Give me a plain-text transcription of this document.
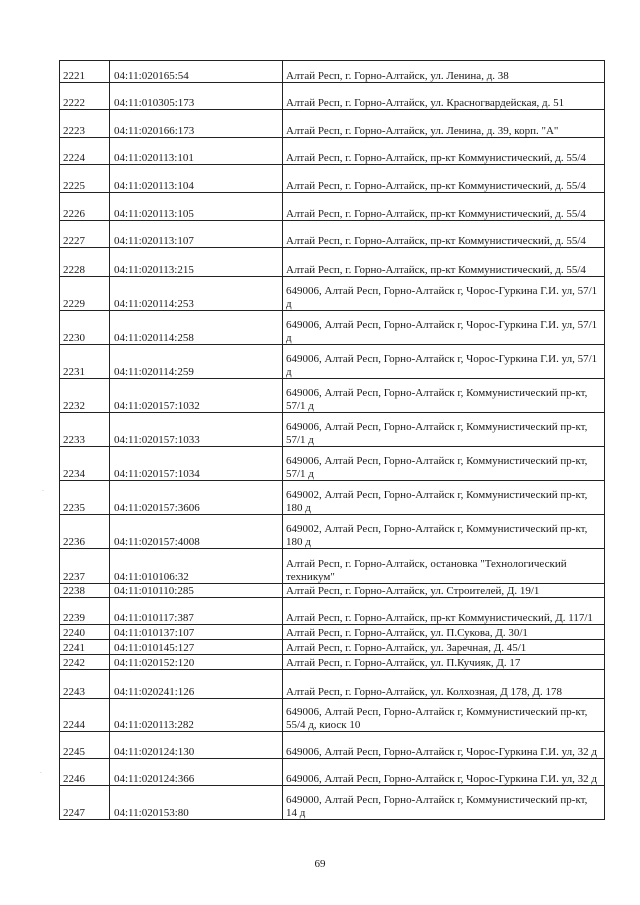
2221	04:11:020165:54	Алтай Респ, г. Горно-Алтайск, ул. Ленина, д. 38
2222	04:11:010305:173	Алтай Респ, г. Горно-Алтайск, ул. Красногвардейская, д. 51
2223	04:11:020166:173	Алтай Респ, г. Горно-Алтайск, ул. Ленина, д. 39, корп. "А"
2224	04:11:020113:101	Алтай Респ, г. Горно-Алтайск, пр-кт Коммунистический, д. 55/4
2225	04:11:020113:104	Алтай Респ, г. Горно-Алтайск, пр-кт Коммунистический, д. 55/4
2226	04:11:020113:105	Алтай Респ, г. Горно-Алтайск, пр-кт Коммунистический, д. 55/4
2227	04:11:020113:107	Алтай Респ, г. Горно-Алтайск, пр-кт Коммунистический, д. 55/4
2228	04:11:020113:215	Алтай Респ, г. Горно-Алтайск, пр-кт Коммунистический, д. 55/4
2229	04:11:020114:253	649006, Алтай Респ, Горно-Алтайск г, Чорос-Гуркина Г.И. ул, 57/1 д
2230	04:11:020114:258	649006, Алтай Респ, Горно-Алтайск г, Чорос-Гуркина Г.И. ул, 57/1 д
2231	04:11:020114:259	649006, Алтай Респ, Горно-Алтайск г, Чорос-Гуркина Г.И. ул, 57/1 д
2232	04:11:020157:1032	649006, Алтай Респ, Горно-Алтайск г, Коммунистический пр-кт, 57/1 д
2233	04:11:020157:1033	649006, Алтай Респ, Горно-Алтайск г, Коммунистический пр-кт, 57/1 д
2234	04:11:020157:1034	649006, Алтай Респ, Горно-Алтайск г, Коммунистический пр-кт, 57/1 д
2235	04:11:020157:3606	649002, Алтай Респ, Горно-Алтайск г, Коммунистический пр-кт, 180 д
2236	04:11:020157:4008	649002, Алтай Респ, Горно-Алтайск г, Коммунистический пр-кт, 180 д
2237	04:11:010106:32	Алтай Респ, г. Горно-Алтайск, остановка "Технологический техникум"
2238	04:11:010110:285	Алтай Респ, г. Горно-Алтайск, ул. Строителей, Д. 19/1
2239	04:11:010117:387	Алтай Респ, г. Горно-Алтайск, пр-кт Коммунистический, Д. 117/1
2240	04:11:010137:107	Алтай Респ, г. Горно-Алтайск, ул. П.Сукова, Д. 30/1
2241	04:11:010145:127	Алтай Респ, г. Горно-Алтайск, ул. Заречная, Д. 45/1
2242	04:11:020152:120	Алтай Респ, г. Горно-Алтайск, ул. П.Кучияк, Д. 17
2243	04:11:020241:126	Алтай Респ, г. Горно-Алтайск, ул. Колхозная, Д 178, Д. 178
2244	04:11:020113:282	649006, Алтай Респ, Горно-Алтайск г, Коммунистический пр-кт, 55/4 д, киоск 10
2245	04:11:020124:130	649006, Алтай Респ, Горно-Алтайск г, Чорос-Гуркина Г.И. ул, 32 д
2246	04:11:020124:366	649006, Алтай Респ, Горно-Алтайск г, Чорос-Гуркина Г.И. ул, 32 д
2247	04:11:020153:80	649000, Алтай Респ, Горно-Алтайск г, Коммунистический пр-кт, 14 д
69
·
·
